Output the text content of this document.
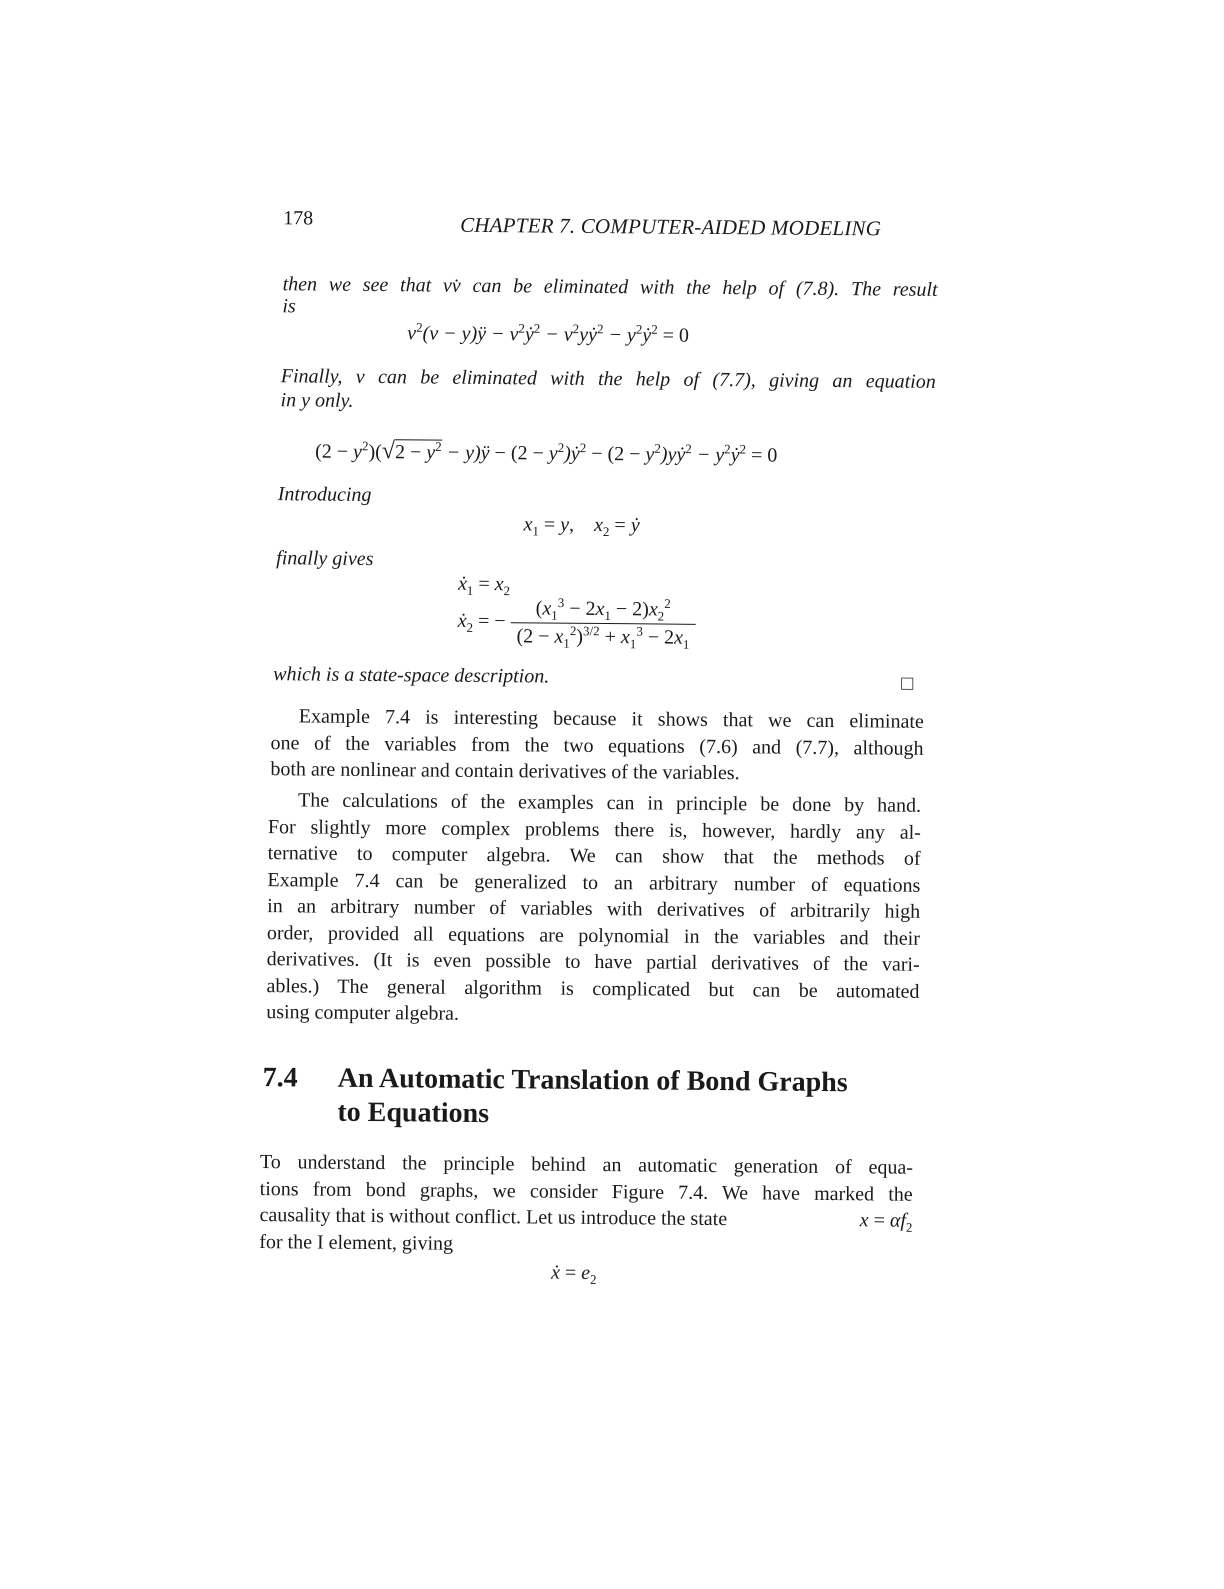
178	CHAPTER 7. COMPUTER-AIDED MODELING
then we see that vv̇ can be eliminated with the help of (7.8). The result
is
$v^2(v$ − y)ÿ − $v^2ẏ^2$ − $v^2yẏ^2$ − $y^2ẏ^2 = 0$
Finally, v can be eliminated with the help of (7.7), giving an equation
in y only.
$(2 - y^2)(√2 - y^2$ − y)ÿ − $(2 - y^2)ẏ^2 - (2$ − $y^2)yẏ^2$ − $y^2ẏ^2 = 0$
Introducing
$x_1 = y$,    $x_2$ = ẏ
finally gives
ẋ$_1$ = $x_2$
ẋ$_2$ = − $\frac{(x_1^3 - 2x_1 - 2)x_2^2}{(2 - x_1^2)^{3/2} + x_1^3 - 2x_1}$
which is a state-space description.	□
Example 7.4 is interesting because it shows that we can eliminate
one of the variables from the two equations (7.6) and (7.7), although
both are nonlinear and contain derivatives of the variables.
The calculations of the examples can in principle be done by hand.
For slightly more complex problems there is, however, hardly any al-
ternative to computer algebra. We can show that the methods of
Example 7.4 can be generalized to an arbitrary number of equations
in an arbitrary number of variables with derivatives of arbitrarily high
order, provided all equations are polynomial in the variables and their
derivatives. (It is even possible to have partial derivatives of the vari-
ables.) The general algorithm is complicated but can be automated
using computer algebra.
7.4 An Automatic Translation of Bond Graphs
to Equations
To understand the principle behind an automatic generation of equa-
tions from bond graphs, we consider Figure 7.4. We have marked the
causality that is without conflict. Let us introduce the state	$x = \alpha f_2$
for the I element, giving
ẋ = $e_2$
